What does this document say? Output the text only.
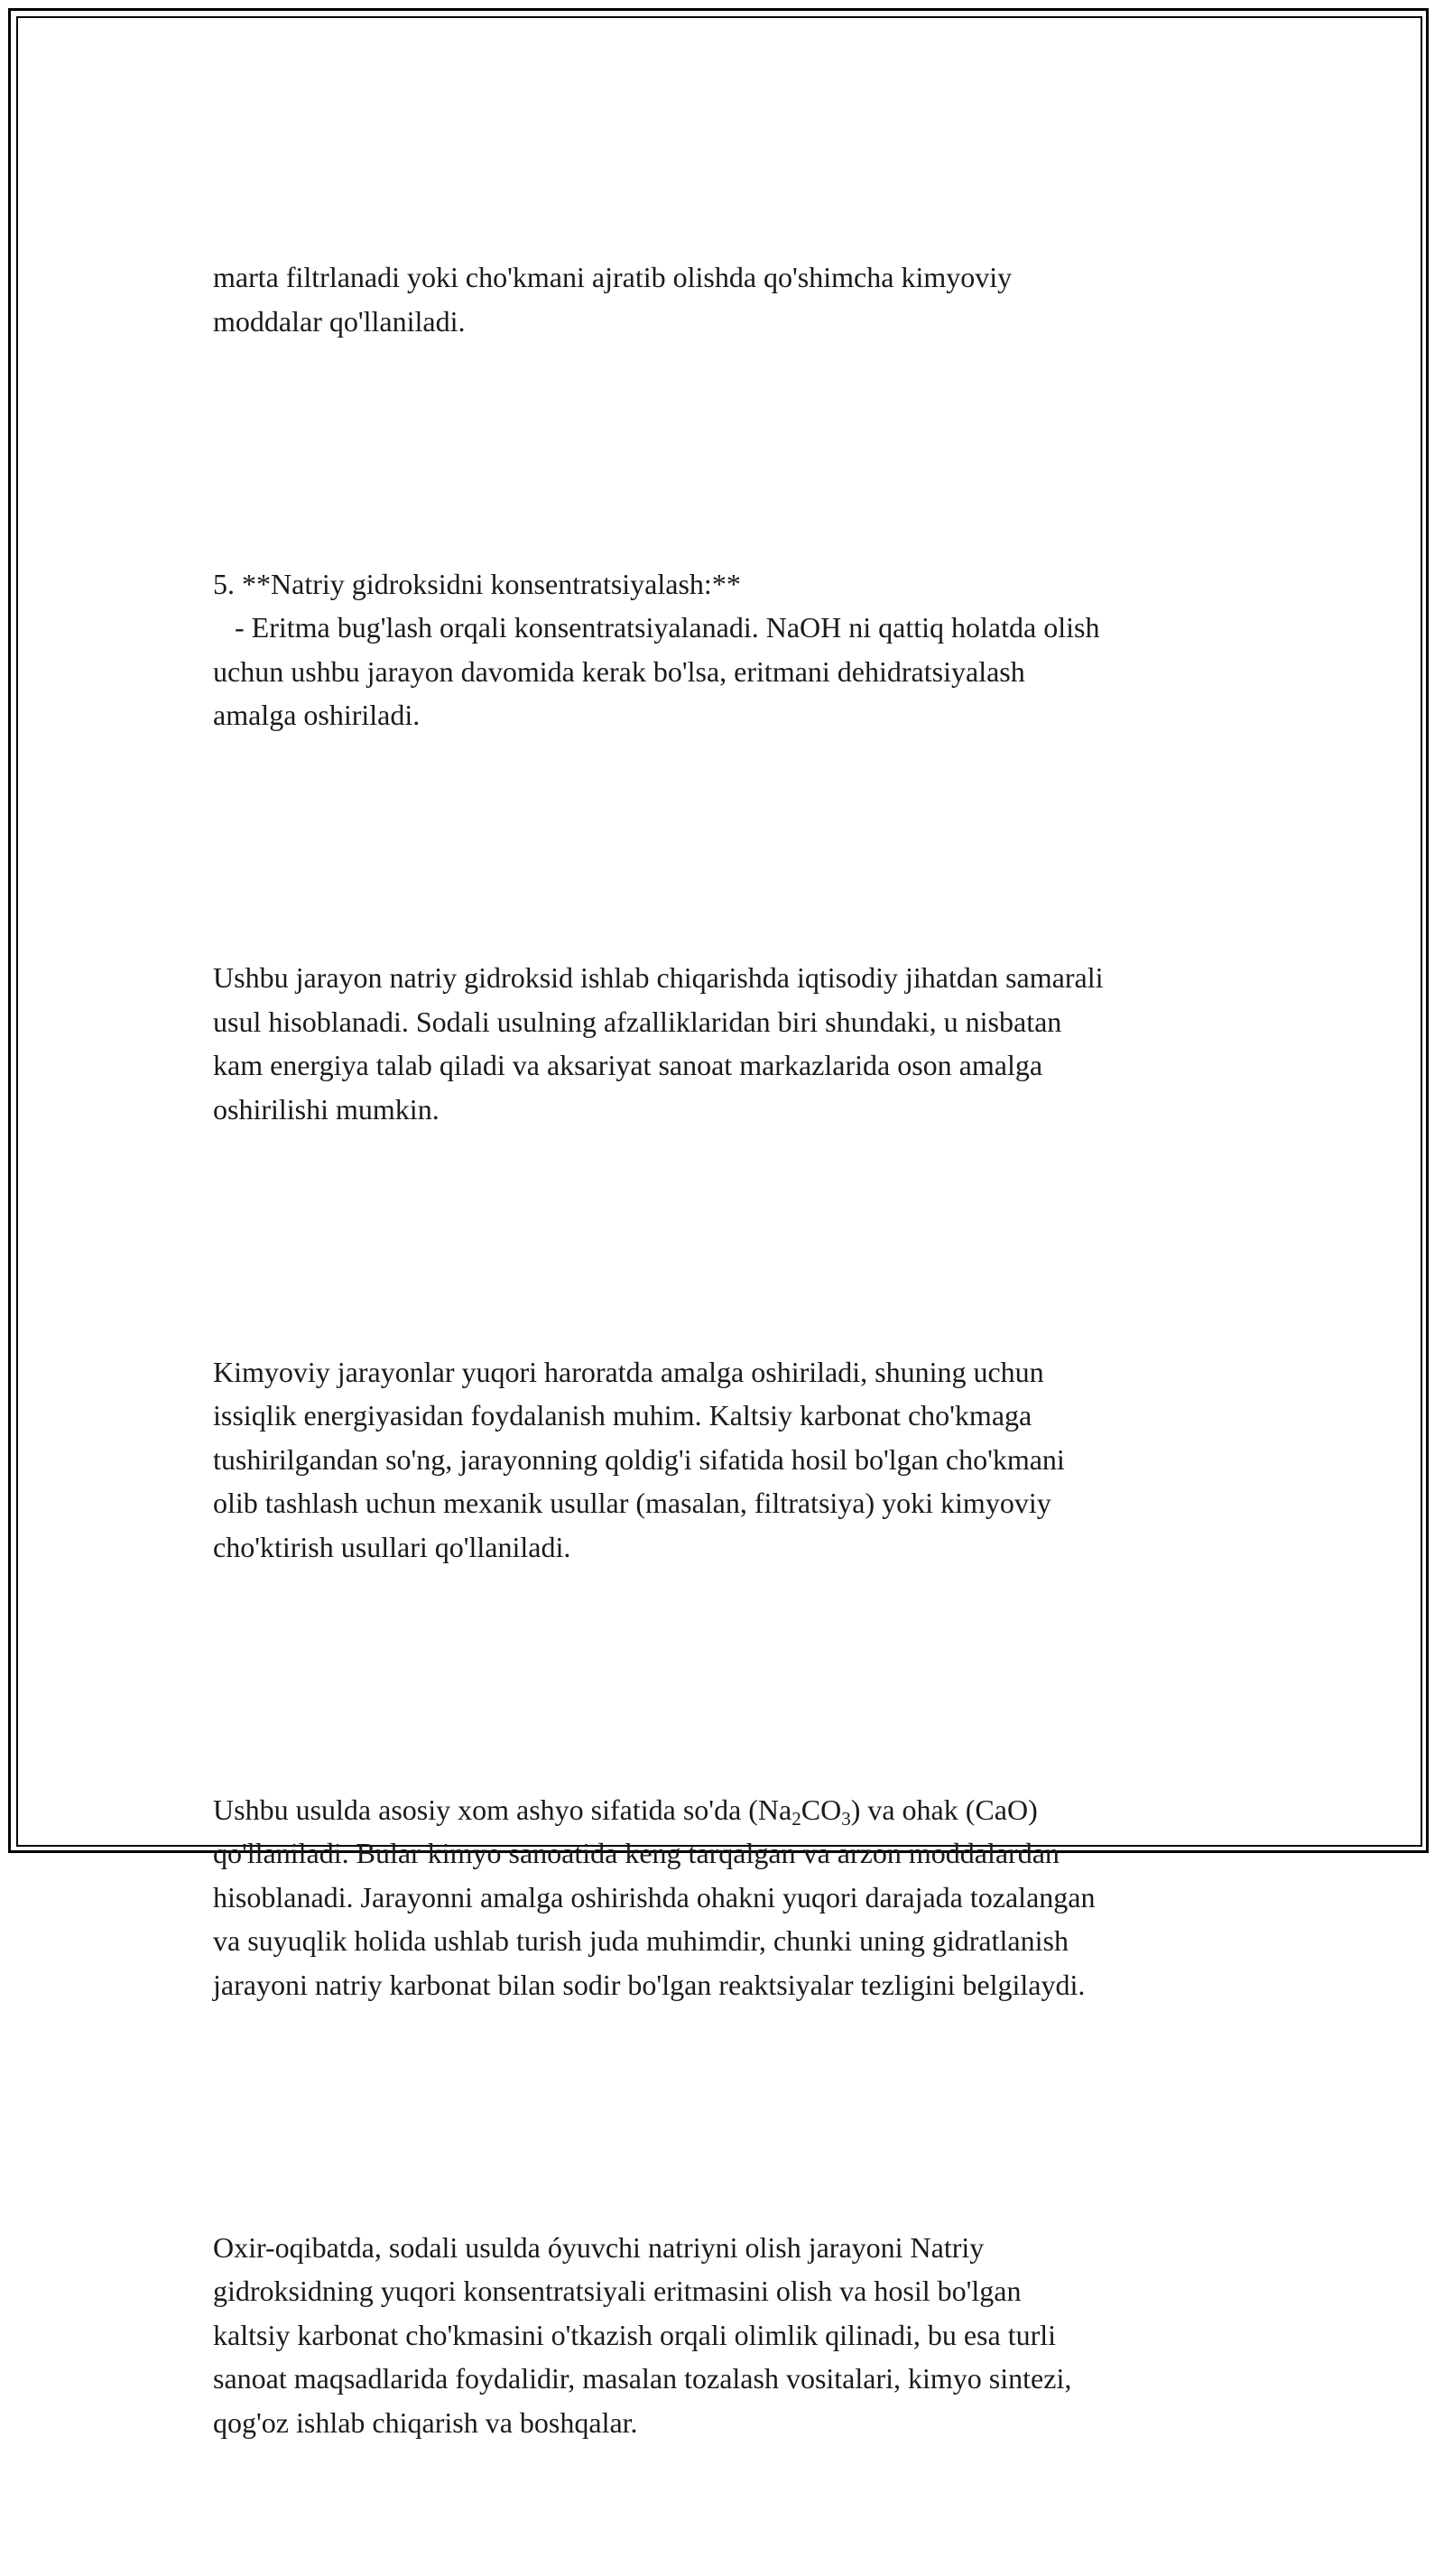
marta filtrlanadi yoki cho'kmani ajratib olishda qo'shimcha kimyoviy
moddalar qo'llaniladi.

5. **Natriy gidroksidni konsentratsiyalash:**
- Eritma bug'lash orqali konsentratsiyalanadi. NaOH ni qattiq holatda olish
uchun ushbu jarayon davomida kerak bo'lsa, eritmani dehidratsiyalash
amalga oshiriladi.

Ushbu jarayon natriy gidroksid ishlab chiqarishda iqtisodiy jihatdan samarali
usul hisoblanadi. Sodali usulning afzalliklaridan biri shundaki, u nisbatan
kam energiya talab qiladi va aksariyat sanoat markazlarida oson amalga
oshirilishi mumkin.

Kimyoviy jarayonlar yuqori haroratda amalga oshiriladi, shuning uchun
issiqlik energiyasidan foydalanish muhim. Kaltsiy karbonat cho'kmaga
tushirilgandan so'ng, jarayonning qoldig'i sifatida hosil bo'lgan cho'kmani
olib tashlash uchun mexanik usullar (masalan, filtratsiya) yoki kimyoviy
cho'ktirish usullari qo'llaniladi.

Ushbu usulda asosiy xom ashyo sifatida so'da $(Na_2CO_3)$ va ohak (CaO)
qo'llaniladi. Bular kimyo sanoatida keng tarqalgan va arzon moddalardan
hisoblanadi. Jarayonni amalga oshirishda ohakni yuqori darajada tozalangan
va suyuqlik holida ushlab turish juda muhimdir, chunki uning gidratlanish
jarayoni natriy karbonat bilan sodir bo'lgan reaktsiyalar tezligini belgilaydi.

Oxir-oqibatda, sodali usulda óyuvchi natriyni olish jarayoni Natriy
gidroksidning yuqori konsentratsiyali eritmasini olish va hosil bo'lgan
kaltsiy karbonat cho'kmasini o'tkazish orqali olimlik qilinadi, bu esa turli
sanoat maqsadlarida foydalidir, masalan tozalash vositalari, kimyo sintezi,
qog'oz ishlab chiqarish va boshqalar.
